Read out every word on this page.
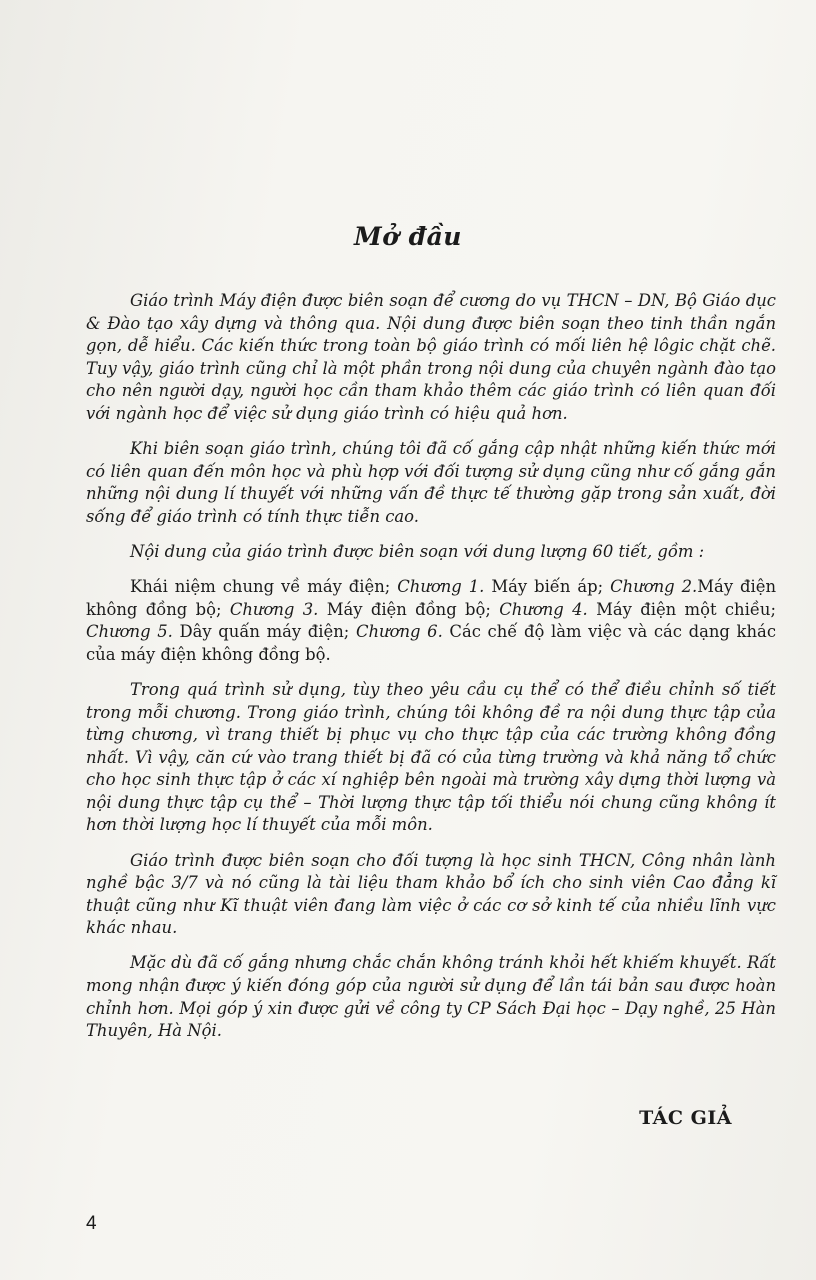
Mở đầu

Giáo trình Máy điện được biên soạn để cương do vụ THCN – DN, Bộ Giáo dục & Đào tạo xây dựng và thông qua. Nội dung được biên soạn theo tinh thần ngắn gọn, dễ hiểu. Các kiến thức trong toàn bộ giáo trình có mối liên hệ lôgic chặt chẽ. Tuy vậy, giáo trình cũng chỉ là một phần trong nội dung của chuyên ngành đào tạo cho nên người dạy, người học cần tham khảo thêm các giáo trình có liên quan đối với ngành học để việc sử dụng giáo trình có hiệu quả hơn.

Khi biên soạn giáo trình, chúng tôi đã cố gắng cập nhật những kiến thức mới có liên quan đến môn học và phù hợp với đối tượng sử dụng cũng như cố gắng gắn những nội dung lí thuyết với những vấn đề thực tế thường gặp trong sản xuất, đời sống để giáo trình có tính thực tiễn cao.

Nội dung của giáo trình được biên soạn với dung lượng 60 tiết, gồm :

Khái niệm chung về máy điện; Chương 1. Máy biến áp; Chương 2.Máy điện không đồng bộ; Chương 3. Máy điện đồng bộ; Chương 4. Máy điện một chiều; Chương 5. Dây quấn máy điện; Chương 6. Các chế độ làm việc và các dạng khác của máy điện không đồng bộ.

Trong quá trình sử dụng, tùy theo yêu cầu cụ thể có thể điều chỉnh số tiết trong mỗi chương. Trong giáo trình, chúng tôi không đề ra nội dung thực tập của từng chương, vì trang thiết bị phục vụ cho thực tập của các trường không đồng nhất. Vì vậy, căn cứ vào trang thiết bị đã có của từng trường và khả năng tổ chức cho học sinh thực tập ở các xí nghiệp bên ngoài mà trường xây dựng thời lượng và nội dung thực tập cụ thể – Thời lượng thực tập tối thiểu nói chung cũng không ít hơn thời lượng học lí thuyết của mỗi môn.

Giáo trình được biên soạn cho đối tượng là học sinh THCN, Công nhân lành nghề bậc 3/7 và nó cũng là tài liệu tham khảo bổ ích cho sinh viên Cao đẳng kĩ thuật cũng như Kĩ thuật viên đang làm việc ở các cơ sở kinh tế của nhiều lĩnh vực khác nhau.

Mặc dù đã cố gắng nhưng chắc chắn không tránh khỏi hết khiếm khuyết. Rất mong nhận được ý kiến đóng góp của người sử dụng để lần tái bản sau được hoàn chỉnh hơn. Mọi góp ý xin được gửi về công ty CP Sách Đại học – Dạy nghề, 25 Hàn Thuyên, Hà Nội.

TÁC GIẢ
4
